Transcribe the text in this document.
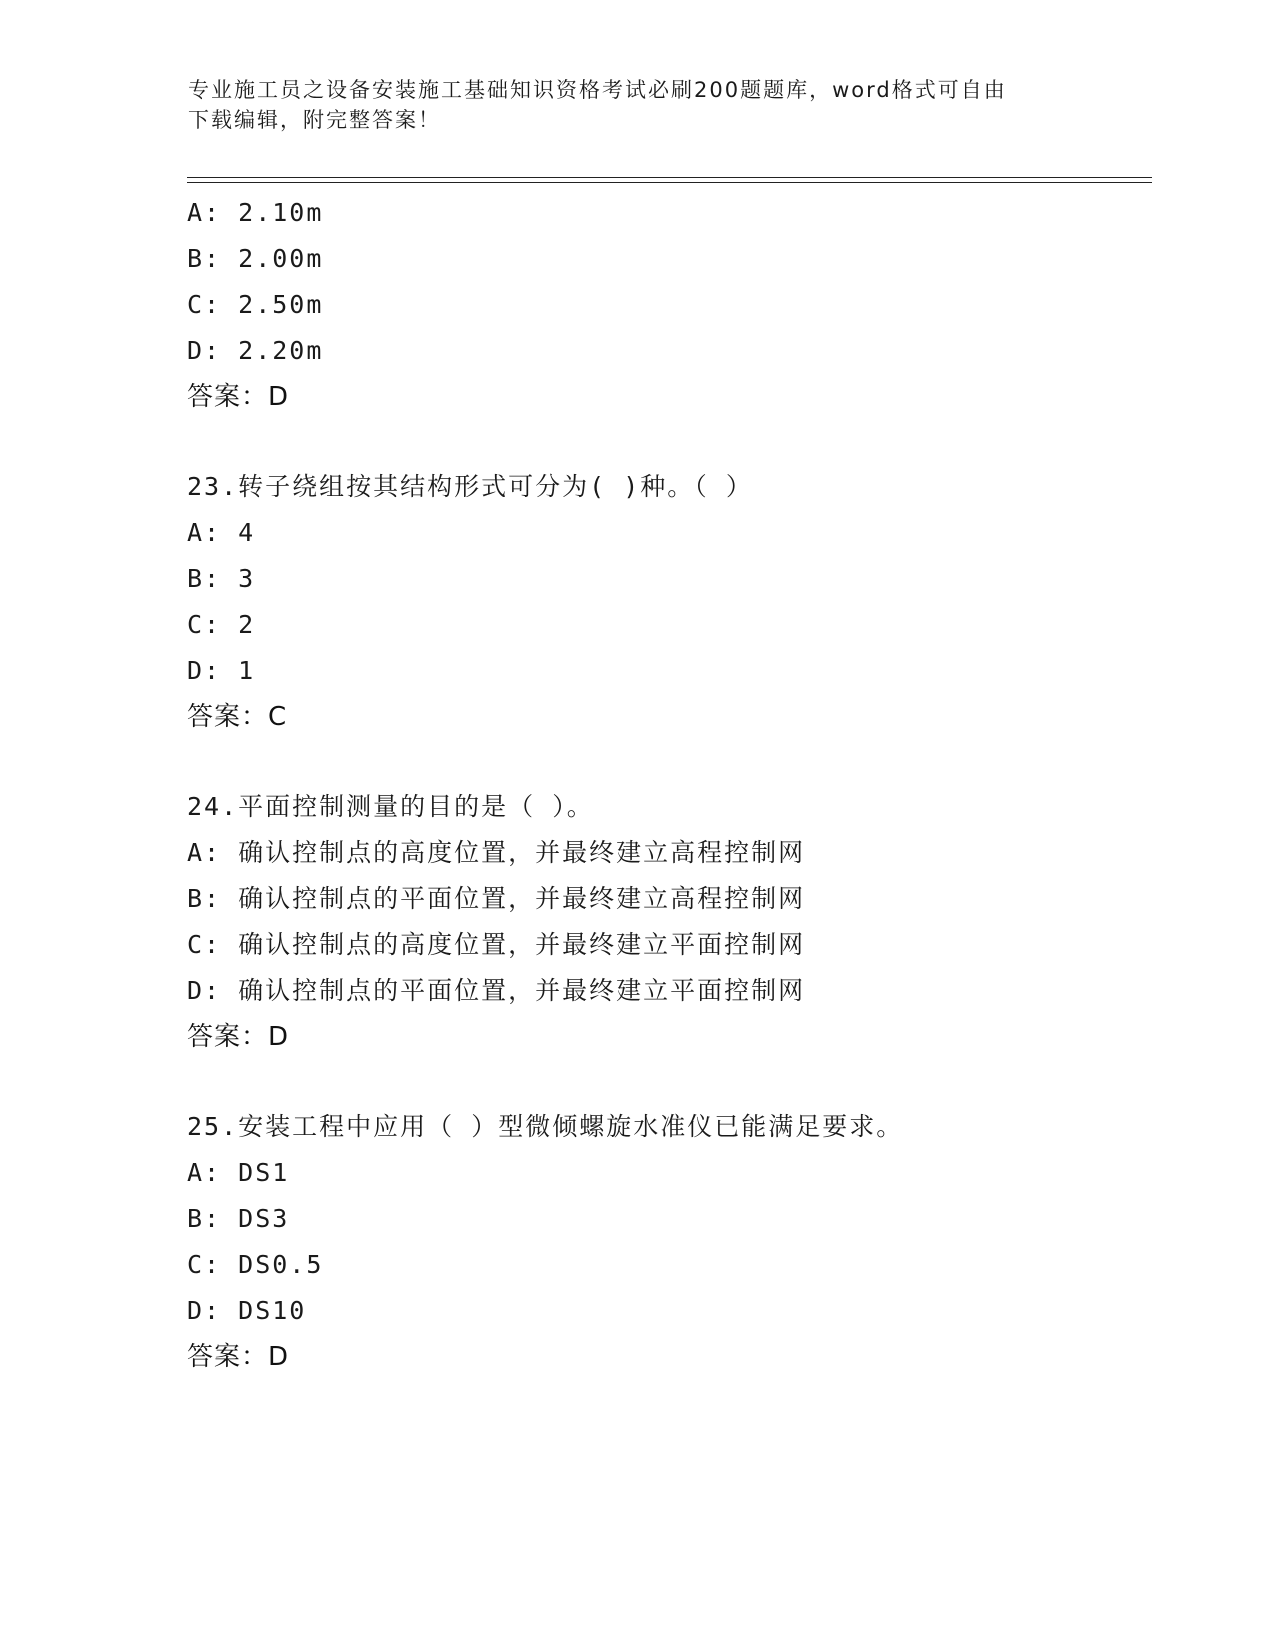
专业施工员之设备安装施工基础知识资格考试必刷200题题库，word格式可自由
下载编辑，附完整答案！
A: 2.10m
B: 2.00m
C: 2.50m
D: 2.20m
答案：D
23.转子绕组按其结构形式可分为( )种。（ ）
A: 4
B: 3
C: 2
D: 1
答案：C
24.平面控制测量的目的是（ ）。
A: 确认控制点的高度位置，并最终建立高程控制网
B: 确认控制点的平面位置，并最终建立高程控制网
C: 确认控制点的高度位置，并最终建立平面控制网
D: 确认控制点的平面位置，并最终建立平面控制网
答案：D
25.安装工程中应用（ ）型微倾螺旋水准仪已能满足要求。
A: DS1
B: DS3
C: DS0.5
D: DS10
答案：D
